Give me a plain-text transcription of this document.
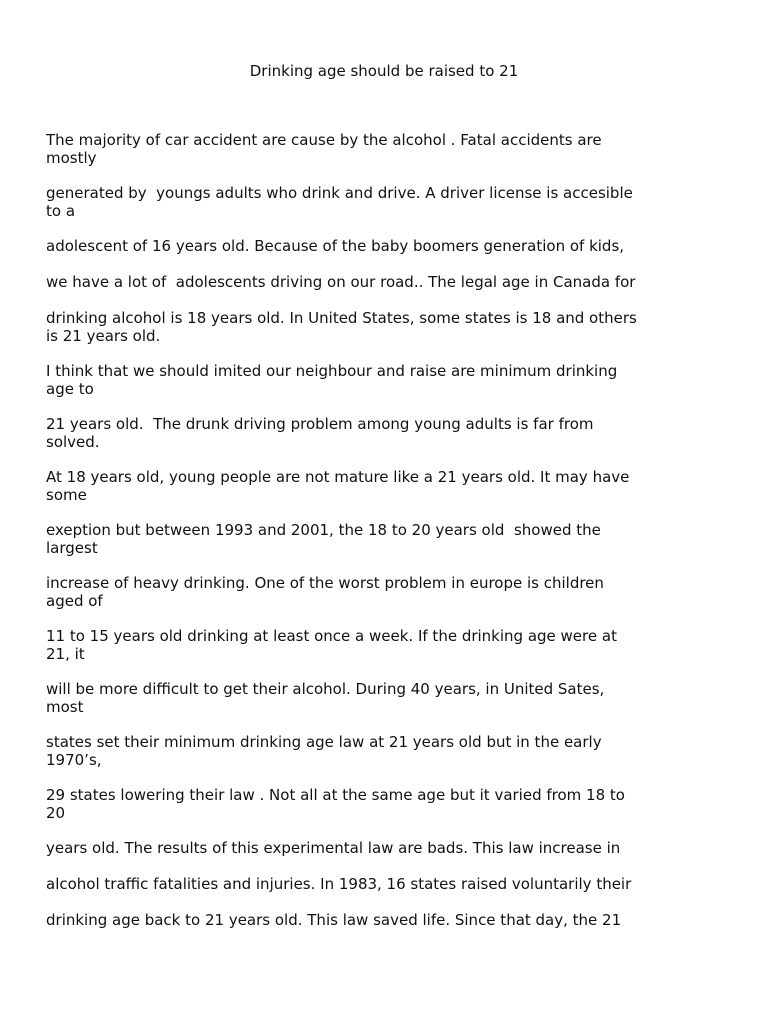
Drinking age should be raised to 21

The majority of car accident are cause by the alcohol . Fatal accidents are
mostly

generated by  youngs adults who drink and drive. A driver license is accesible
to a

adolescent of 16 years old. Because of the baby boomers generation of kids,

we have a lot of  adolescents driving on our road.. The legal age in Canada for

drinking alcohol is 18 years old. In United States, some states is 18 and others
is 21 years old.

I think that we should imited our neighbour and raise are minimum drinking
age to

21 years old.  The drunk driving problem among young adults is far from
solved.

At 18 years old, young people are not mature like a 21 years old. It may have
some

exeption but between 1993 and 2001, the 18 to 20 years old  showed the
largest

increase of heavy drinking. One of the worst problem in europe is children
aged of

11 to 15 years old drinking at least once a week. If the drinking age were at
21, it

will be more difficult to get their alcohol. During 40 years, in United Sates,
most

states set their minimum drinking age law at 21 years old but in the early
1970’s,

29 states lowering their law . Not all at the same age but it varied from 18 to
20

years old. The results of this experimental law are bads. This law increase in

alcohol traffic fatalities and injuries. In 1983, 16 states raised voluntarily their

drinking age back to 21 years old. This law saved life. Since that day, the 21
